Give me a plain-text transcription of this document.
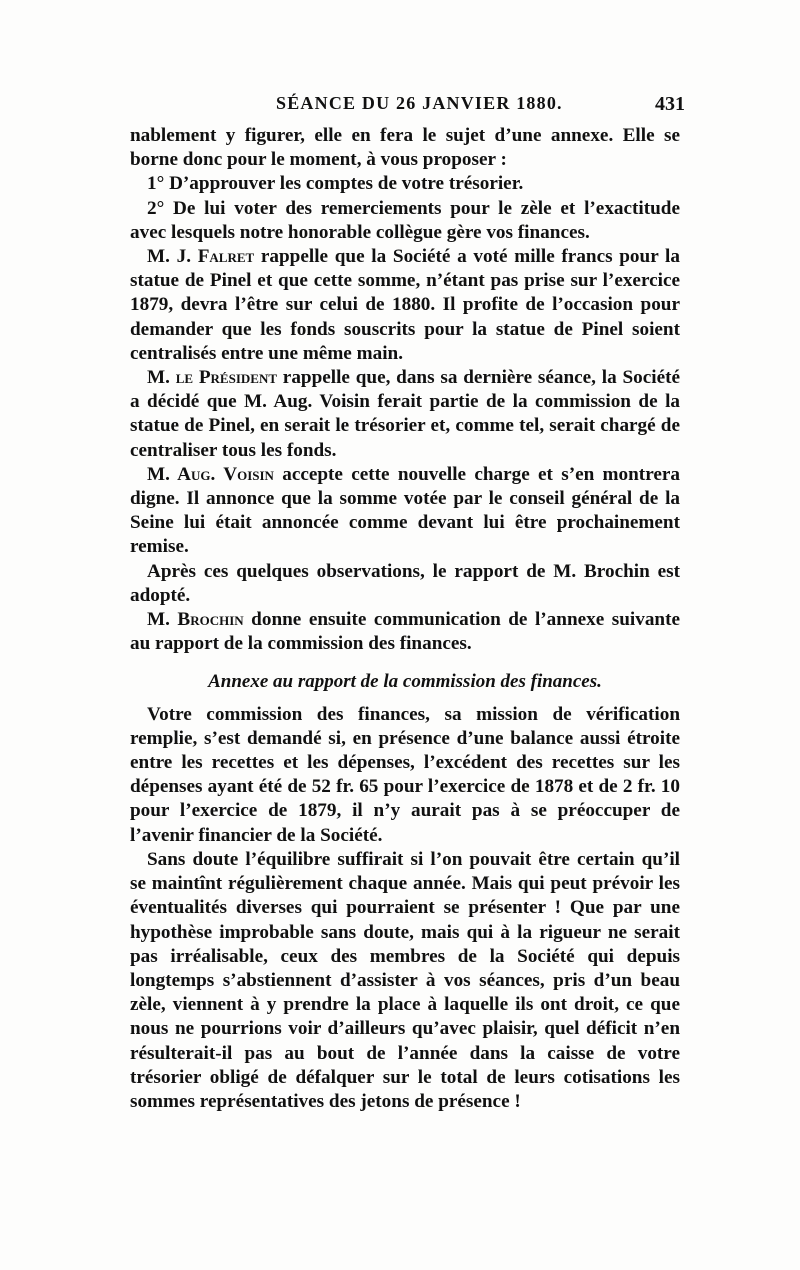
SÉANCE DU 26 JANVIER 1880.	431

nablement y figurer, elle en fera le sujet d’une annexe. Elle se borne donc pour le moment, à vous proposer :

1° D’approuver les comptes de votre trésorier.

2° De lui voter des remerciements pour le zèle et l’exactitude avec lesquels notre honorable collègue gère vos finances.

M. J. Falret rappelle que la Société a voté mille francs pour la statue de Pinel et que cette somme, n’étant pas prise sur l’exercice 1879, devra l’être sur celui de 1880. Il profite de l’occasion pour demander que les fonds souscrits pour la statue de Pinel soient centralisés entre une même main.

M. le Président rappelle que, dans sa dernière séance, la Société a décidé que M. Aug. Voisin ferait partie de la commission de la statue de Pinel, en serait le trésorier et, comme tel, serait chargé de centraliser tous les fonds.

M. Aug. Voisin accepte cette nouvelle charge et s’en montrera digne. Il annonce que la somme votée par le conseil général de la Seine lui était annoncée comme devant lui être prochainement remise.

Après ces quelques observations, le rapport de M. Brochin est adopté.

M. Brochin donne ensuite communication de l’annexe suivante au rapport de la commission des finances.

Annexe au rapport de la commission des finances.

Votre commission des finances, sa mission de vérification remplie, s’est demandé si, en présence d’une balance aussi étroite entre les recettes et les dépenses, l’excédent des recettes sur les dépenses ayant été de 52 fr. 65 pour l’exercice de 1878 et de 2 fr. 10 pour l’exercice de 1879, il n’y aurait pas à se préoccuper de l’avenir financier de la Société.

Sans doute l’équilibre suffirait si l’on pouvait être certain qu’il se maintînt régulièrement chaque année. Mais qui peut prévoir les éventualités diverses qui pourraient se présenter ! Que par une hypothèse improbable sans doute, mais qui à la rigueur ne serait pas irréalisable, ceux des membres de la Société qui depuis longtemps s’abstiennent d’assister à vos séances, pris d’un beau zèle, viennent à y prendre la place à laquelle ils ont droit, ce que nous ne pourrions voir d’ailleurs qu’avec plaisir, quel déficit n’en résulterait-il pas au bout de l’année dans la caisse de votre trésorier obligé de défalquer sur le total de leurs cotisations les sommes représentatives des jetons de présence !
